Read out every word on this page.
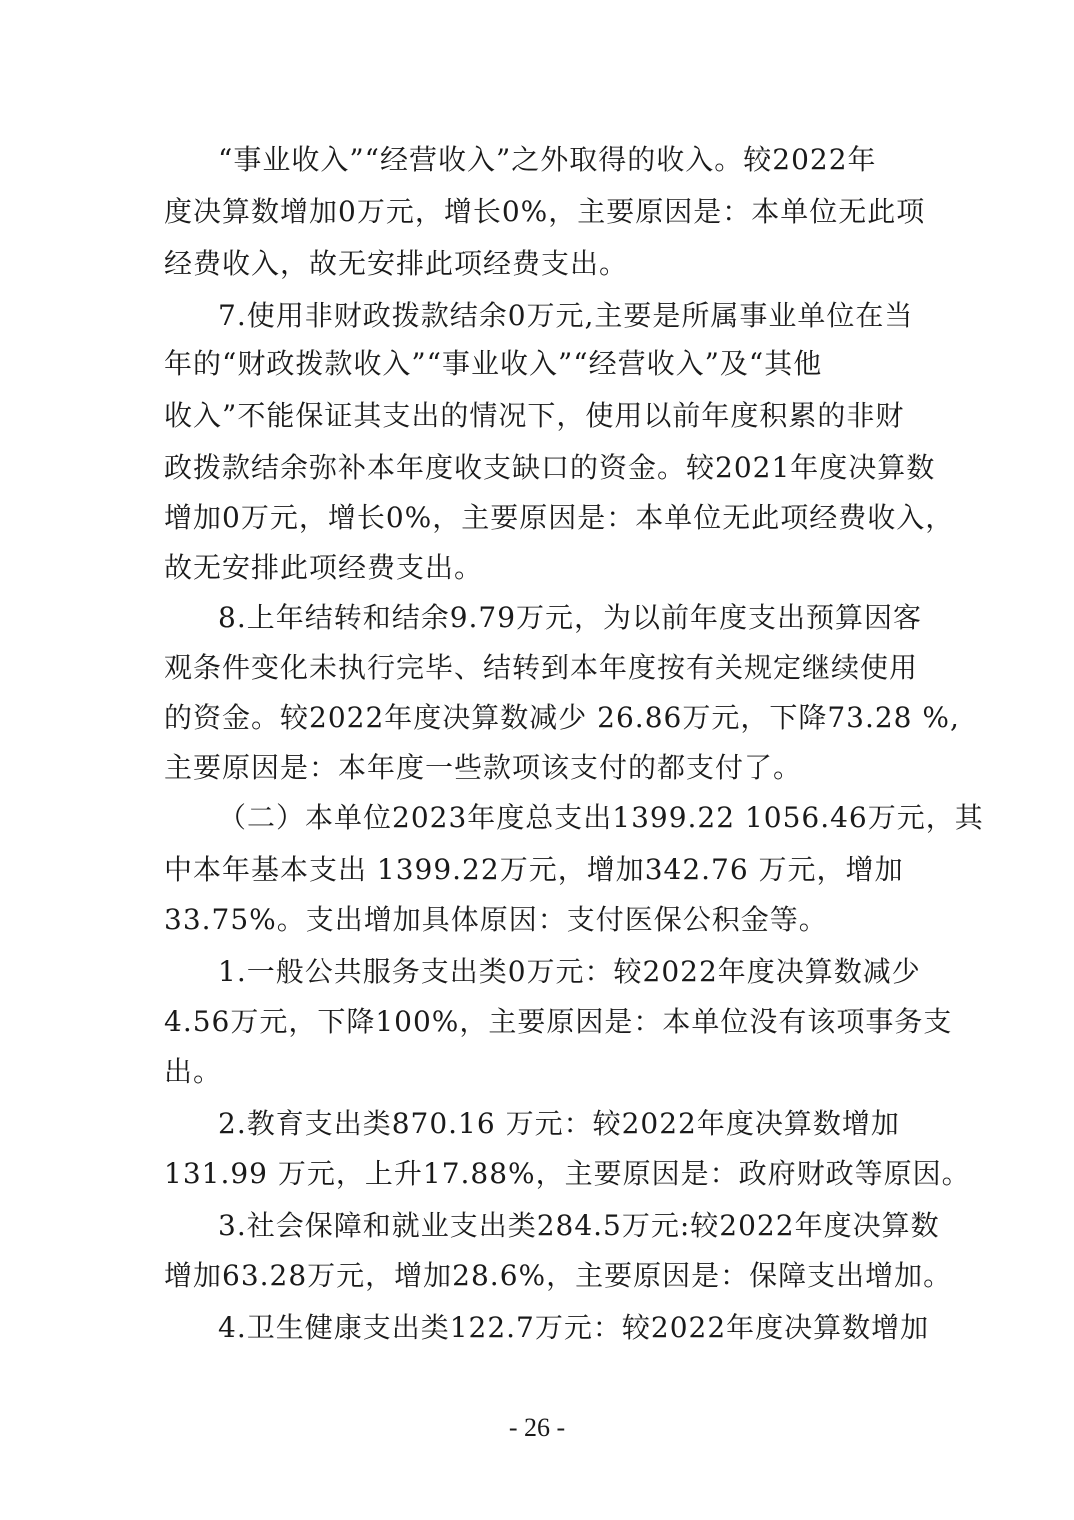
“事业收入”“经营收入”之外取得的收入。较2022年
度决算数增加0万元，增长0%，主要原因是：本单位无此项
经费收入，故无安排此项经费支出。
7.使用非财政拨款结余0万元,主要是所属事业单位在当
年的“财政拨款收入”“事业收入”“经营收入”及“其他
收入”不能保证其支出的情况下，使用以前年度积累的非财
政拨款结余弥补本年度收支缺口的资金。较2021年度决算数
增加0万元，增长0%，主要原因是：本单位无此项经费收入，
故无安排此项经费支出。
8.上年结转和结余9.79万元，为以前年度支出预算因客
观条件变化未执行完毕、结转到本年度按有关规定继续使用
的资金。较2022年度决算数减少 26.86万元，下降73.28 %,
主要原因是：本年度一些款项该支付的都支付了。
（二）本单位2023年度总支出1399.22 1056.46万元，其
中本年基本支出 1399.22万元，增加342.76 万元，增加
33.75%。支出增加具体原因：支付医保公积金等。
1.一般公共服务支出类0万元：较2022年度决算数减少
4.56万元，下降100%，主要原因是：本单位没有该项事务支
出。
2.教育支出类870.16 万元：较2022年度决算数增加
131.99 万元，上升17.88%，主要原因是：政府财政等原因。
3.社会保障和就业支出类284.5万元:较2022年度决算数
增加63.28万元，增加28.6%，主要原因是：保障支出增加。
4.卫生健康支出类122.7万元：较2022年度决算数增加
- 26 -
